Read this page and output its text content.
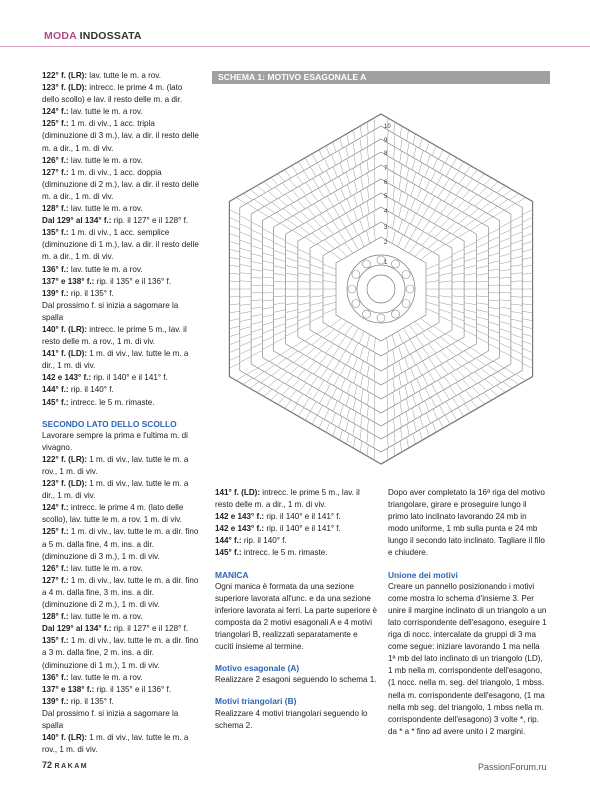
MODA INDOSSATA

122° f. (LR): lav. tutte le m. a rov.

123° f. (LD): intrecc. le prime 4 m. (lato dello scollo) e lav. il resto delle m. a dir.

124° f.: lav. tutte le m. a rov.

125° f.: 1 m. di viv., 1 acc. tripla (diminuzione di 3 m.), lav. a dir. il resto delle m. a dir., 1 m. di viv.

126° f.: lav. tutte le m. a rov.

127° f.: 1 m. di viv., 1 acc. doppia (diminuzione di 2 m.), lav. a dir. il resto delle m. a dir., 1 m. di viv.

128° f.: lav. tutte le m. a rov.

Dal 129° al 134° f.: rip. il 127° e il 128° f.

135° f.: 1 m. di viv., 1 acc. semplice (diminuzione di 1 m.), lav. a dir. il resto delle m. a dir., 1 m. di viv.

136° f.: lav. tutte le m. a rov.

137° e 138° f.: rip. il 135° e il 136° f.

139° f.: rip. il 135° f.

Dal prossimo f. si inizia a sagomare la spalla

140° f. (LR): intrecc. le prime 5 m., lav. il resto delle m. a rov., 1 m. di viv.

141° f. (LD): 1 m. di viv., lav. tutte le m. a dir., 1 m. di viv.

142 e 143° f.: rip. il 140° e il 141° f.

144° f.: rip. il 140° f.

145° f.: intrecc. le 5 m. rimaste.

SECONDO LATO DELLO SCOLLO

Lavorare sempre la prima e l'ultima m. di vivagno.

122° f. (LR): 1 m. di viv., lav. tutte le m. a rov., 1 m. di viv.

123° f. (LD): 1 m. di viv., lav. tutte le m. a dir., 1 m. di viv.

124° f.: intrecc. le prime 4 m. (lato delle scollo), lav. tutte le m. a rov. 1 m. di viv.

125° f.: 1 m. di viv., lav. tutte le m. a dir. fino a 5 m. dalla fine, 4 m. ins. a dir. (diminuzione di 3 m.), 1 m. di viv.

126° f.: lav. tutte le m. a rov.

127° f.: 1 m. di viv., lav. tutte le m. a dir. fino a 4 m. dalla fine, 3 m. ins. a dir. (diminuzione di 2 m.), 1 m. di viv.

128° f.: lav. tutte le m. a rov.

Dal 129° al 134° f.: rip. il 127° e il 128° f.

135° f.: 1 m. di viv., lav. tutte le m. a dir. fino a 3 m. dalla fine, 2 m. ins. a dir. (diminuzione di 1 m.), 1 m. di viv.

136° f.: lav. tutte le m. a rov.

137° e 138° f.: rip. il 135° e il 136° f.

139° f.: rip. il 135° f.

Dal prossimo f. si inizia a sagomare la spalla

140° f. (LR): 1 m. di viv., lav. tutte le m. a rov., 1 m. di viv.

SCHEMA 1: MOTIVO ESAGONALE A
10
9
8
7
6
5
4
3
2
1

141° f. (LD): intrecc. le prime 5 m., lav. il resto delle m. a dir., 1 m. di viv.

142 e 143° f.: rip. il 140° e il 141° f.

142 e 143° f.: rip. il 140° e il 141° f.

144° f.: rip. il 140° f.

145° f.: intrecc. le 5 m. rimaste.

MANICA

Ogni manica è formata da una sezione superiore lavorata all'unc. e da una sezione inferiore lavorata ai ferri. La parte superiore è composta da 2 motivi esagonali A e 4 motivi triangolari B, realizzati separatamente e cuciti insieme al termine.

Motivo esagonale (A)

Realizzare 2 esagoni seguendo lo schema 1.

Motivi triangolari (B)

Realizzare 4 motivi triangolari seguendo lo schema 2.

Dopo aver completato la 16ª riga del motivo triangolare, girare e proseguire lungo il primo lato inclinato lavorando 24 mb in modo uniforme, 1 mb sulla punta e 24 mb lungo il secondo lato inclinato. Tagliare il filo e chiudere.

Unione dei motivi

Creare un pannello posizionando i motivi come mostra lo schema d'insieme 3. Per unire il margine inclinato di un triangolo a un lato corrispondente dell'esagono, eseguire 1 riga di nocc. intercalate da gruppi di 3 ma come segue: iniziare lavorando 1 ma nella 1ª mb del lato inclinato di un triangolo (LD), 1 mb nella m. corrispondente dell'esagono, (1 nocc. nella m. seg. del triangolo, 1 mbss. nella m. corrispondente dell'esagono, (1 ma nella mb seg. del triangolo, 1 mbss nella m. corrispondente dell'esagono) 3 volte *, rip. da * a * fino ad avere unito i 2 margini.

72 RAKAM	PassionForum.ru
